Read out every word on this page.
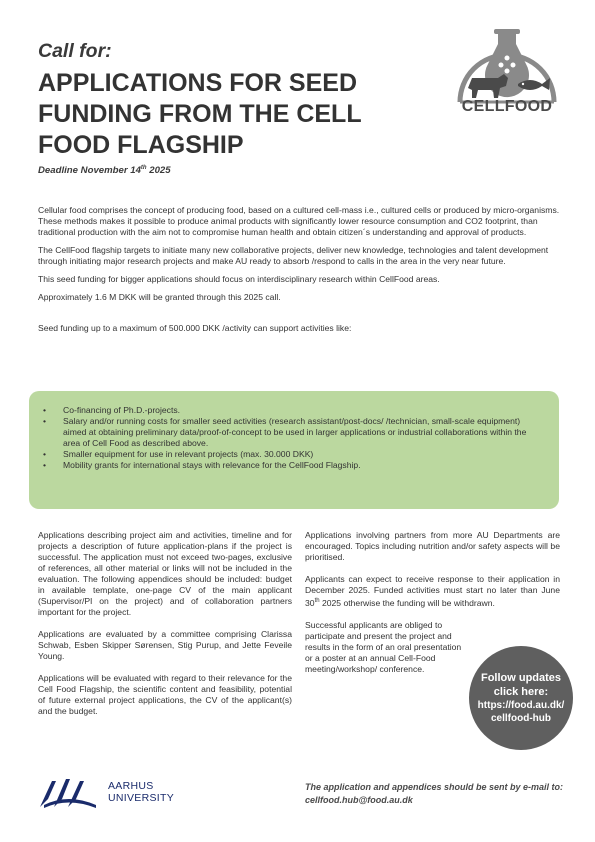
Call for:
APPLICATIONS FOR SEED
FUNDING FROM THE CELL
FOOD FLAGSHIP
Deadline November 14th 2025
CELLFOOD

Cellular food comprises the concept of producing food, based on a cultured cell-mass i.e., cultured cells or produced by micro-organisms. These methods makes it possible to produce animal products with significantly lower resource consumption and CO2 footprint, than traditional production with the aim not to compromise human health and obtain citizen´s understanding and approval of products.

The CellFood flagship targets to initiate many new collaborative projects, deliver new knowledge, technologies and talent development through initiating major research projects and make AU ready to absorb /respond to calls in the area in the very near future.

This seed funding for bigger applications should focus on interdisciplinary research within CellFood areas.

Approximately 1.6 M DKK will be granted through this 2025 call.

Seed funding up to a maximum of 500.000 DKK /activity can support activities like:

• Co-financing of Ph.D.-projects.
• Salary and/or running costs for smaller seed activities (research assistant/post-docs/ /technician, small-scale equipment) aimed at obtaining preliminary data/proof-of-concept to be used in larger applications or industrial collaborations within the area of Cell Food as described above.
• Smaller equipment for use in relevant projects (max. 30.000 DKK)
• Mobility grants for international stays with relevance for the CellFood Flagship.

Applications describing project aim and activities, timeline and for projects a description of future application-plans if the project is successful. The application must not exceed two-pages, exclusive of references, all other material or links will not be included in the evaluation. The following appendices should be included: budget in available template, one-page CV of the main applicant (Supervisor/PI on the project) and of collaboration partners important for the project.

Applications are evaluated by a committee comprising Clarissa Schwab, Esben Skipper Sørensen, Stig Purup, and Jette Feveile Young.

Applications will be evaluated with regard to their relevance for the Cell Food Flagship, the scientific content and feasibility, potential of future external project applications, the CV of the applicant(s) and the budget.

Applications involving partners from more AU Departments are encouraged. Topics including nutrition and/or safety aspects will be prioritised.

Applicants can expect to receive response to their application in December 2025. Funded activities must start no later than June 30th 2025 otherwise the funding will be withdrawn.

Successful applicants are obliged to participate and present the project and results in the form of an oral presentation or a poster at an annual Cell-Food meeting/workshop/ conference.

Follow updates
click here:
https://food.au.dk/
cellfood-hub
AARHUS
UNIVERSITY
The application and appendices should be sent by e-mail to: cellfood.hub@food.au.dk
